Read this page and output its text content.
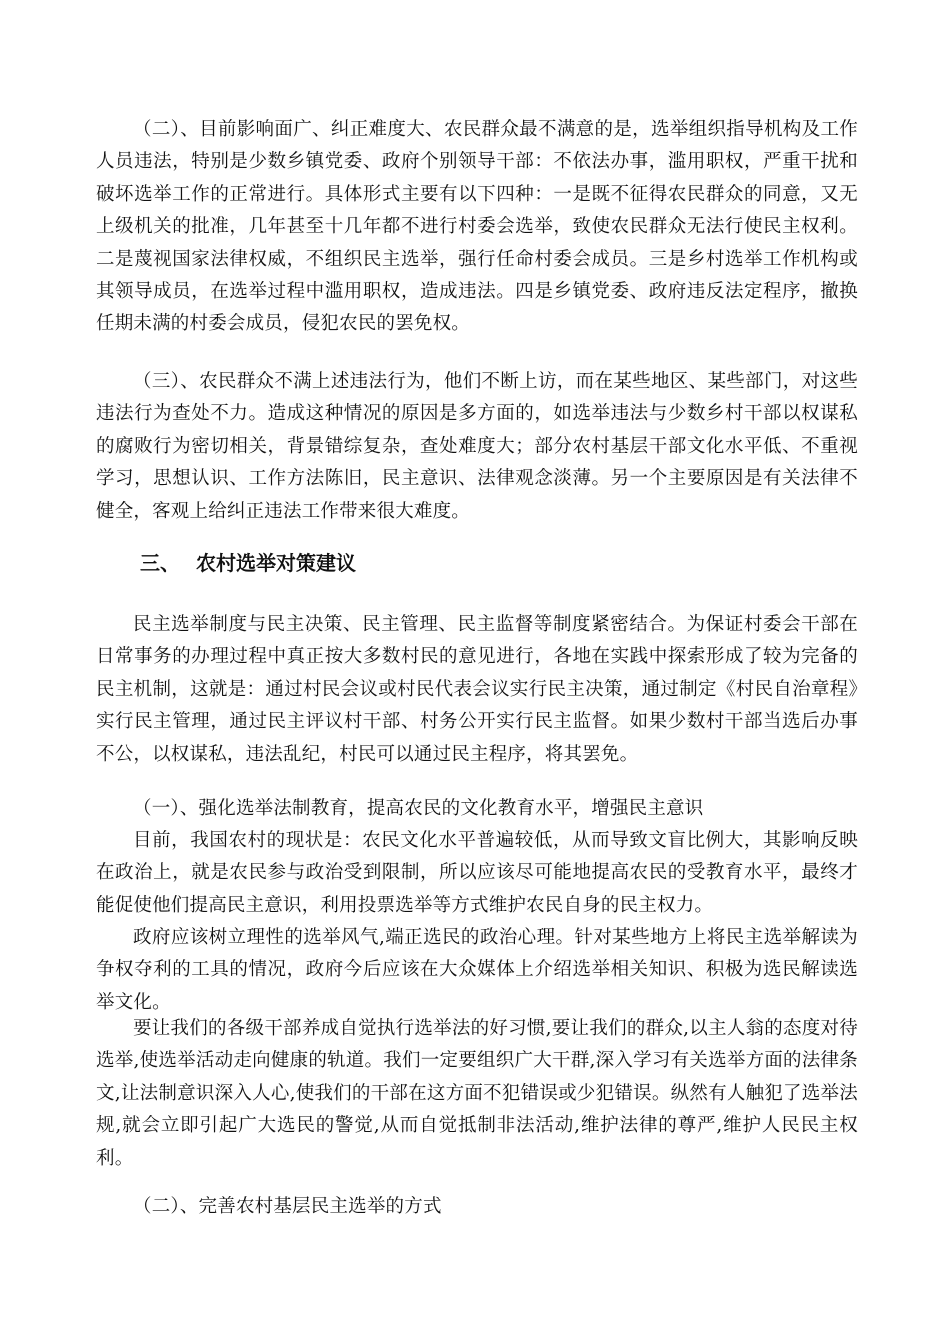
（二）、目前影响面广、纠正难度大、农民群众最不满意的是，选举组织指导机构及工作人员违法，特别是少数乡镇党委、政府个别领导干部：不依法办事，滥用职权，严重干扰和破坏选举工作的正常进行。具体形式主要有以下四种：一是既不征得农民群众的同意，又无上级机关的批准，几年甚至十几年都不进行村委会选举，致使农民群众无法行使民主权利。二是蔑视国家法律权威，不组织民主选举，强行任命村委会成员。三是乡村选举工作机构或其领导成员，在选举过程中滥用职权，造成违法。四是乡镇党委、政府违反法定程序，撤换任期未满的村委会成员，侵犯农民的罢免权。

（三）、农民群众不满上述违法行为，他们不断上访，而在某些地区、某些部门，对这些违法行为查处不力。造成这种情况的原因是多方面的，如选举违法与少数乡村干部以权谋私的腐败行为密切相关，背景错综复杂，查处难度大；部分农村基层干部文化水平低、不重视学习，思想认识、工作方法陈旧，民主意识、法律观念淡薄。另一个主要原因是有关法律不健全，客观上给纠正违法工作带来很大难度。

三、 农村选举对策建议

民主选举制度与民主决策、民主管理、民主监督等制度紧密结合。为保证村委会干部在日常事务的办理过程中真正按大多数村民的意见进行，各地在实践中探索形成了较为完备的民主机制，这就是：通过村民会议或村民代表会议实行民主决策，通过制定《村民自治章程》实行民主管理，通过民主评议村干部、村务公开实行民主监督。如果少数村干部当选后办事不公，以权谋私，违法乱纪，村民可以通过民主程序，将其罢免。

（一）、强化选举法制教育，提高农民的文化教育水平，增强民主意识

目前，我国农村的现状是：农民文化水平普遍较低，从而导致文盲比例大，其影响反映在政治上，就是农民参与政治受到限制，所以应该尽可能地提高农民的受教育水平，最终才能促使他们提高民主意识，利用投票选举等方式维护农民自身的民主权力。

政府应该树立理性的选举风气,端正选民的政治心理。针对某些地方上将民主选举解读为争权夺利的工具的情况，政府今后应该在大众媒体上介绍选举相关知识、积极为选民解读选举文化。

要让我们的各级干部养成自觉执行选举法的好习惯,要让我们的群众,以主人翁的态度对待选举,使选举活动走向健康的轨道。我们一定要组织广大干群,深入学习有关选举方面的法律条文,让法制意识深入人心,使我们的干部在这方面不犯错误或少犯错误。纵然有人触犯了选举法规,就会立即引起广大选民的警觉,从而自觉抵制非法活动,维护法律的尊严,维护人民民主权利。

（二）、完善农村基层民主选举的方式
